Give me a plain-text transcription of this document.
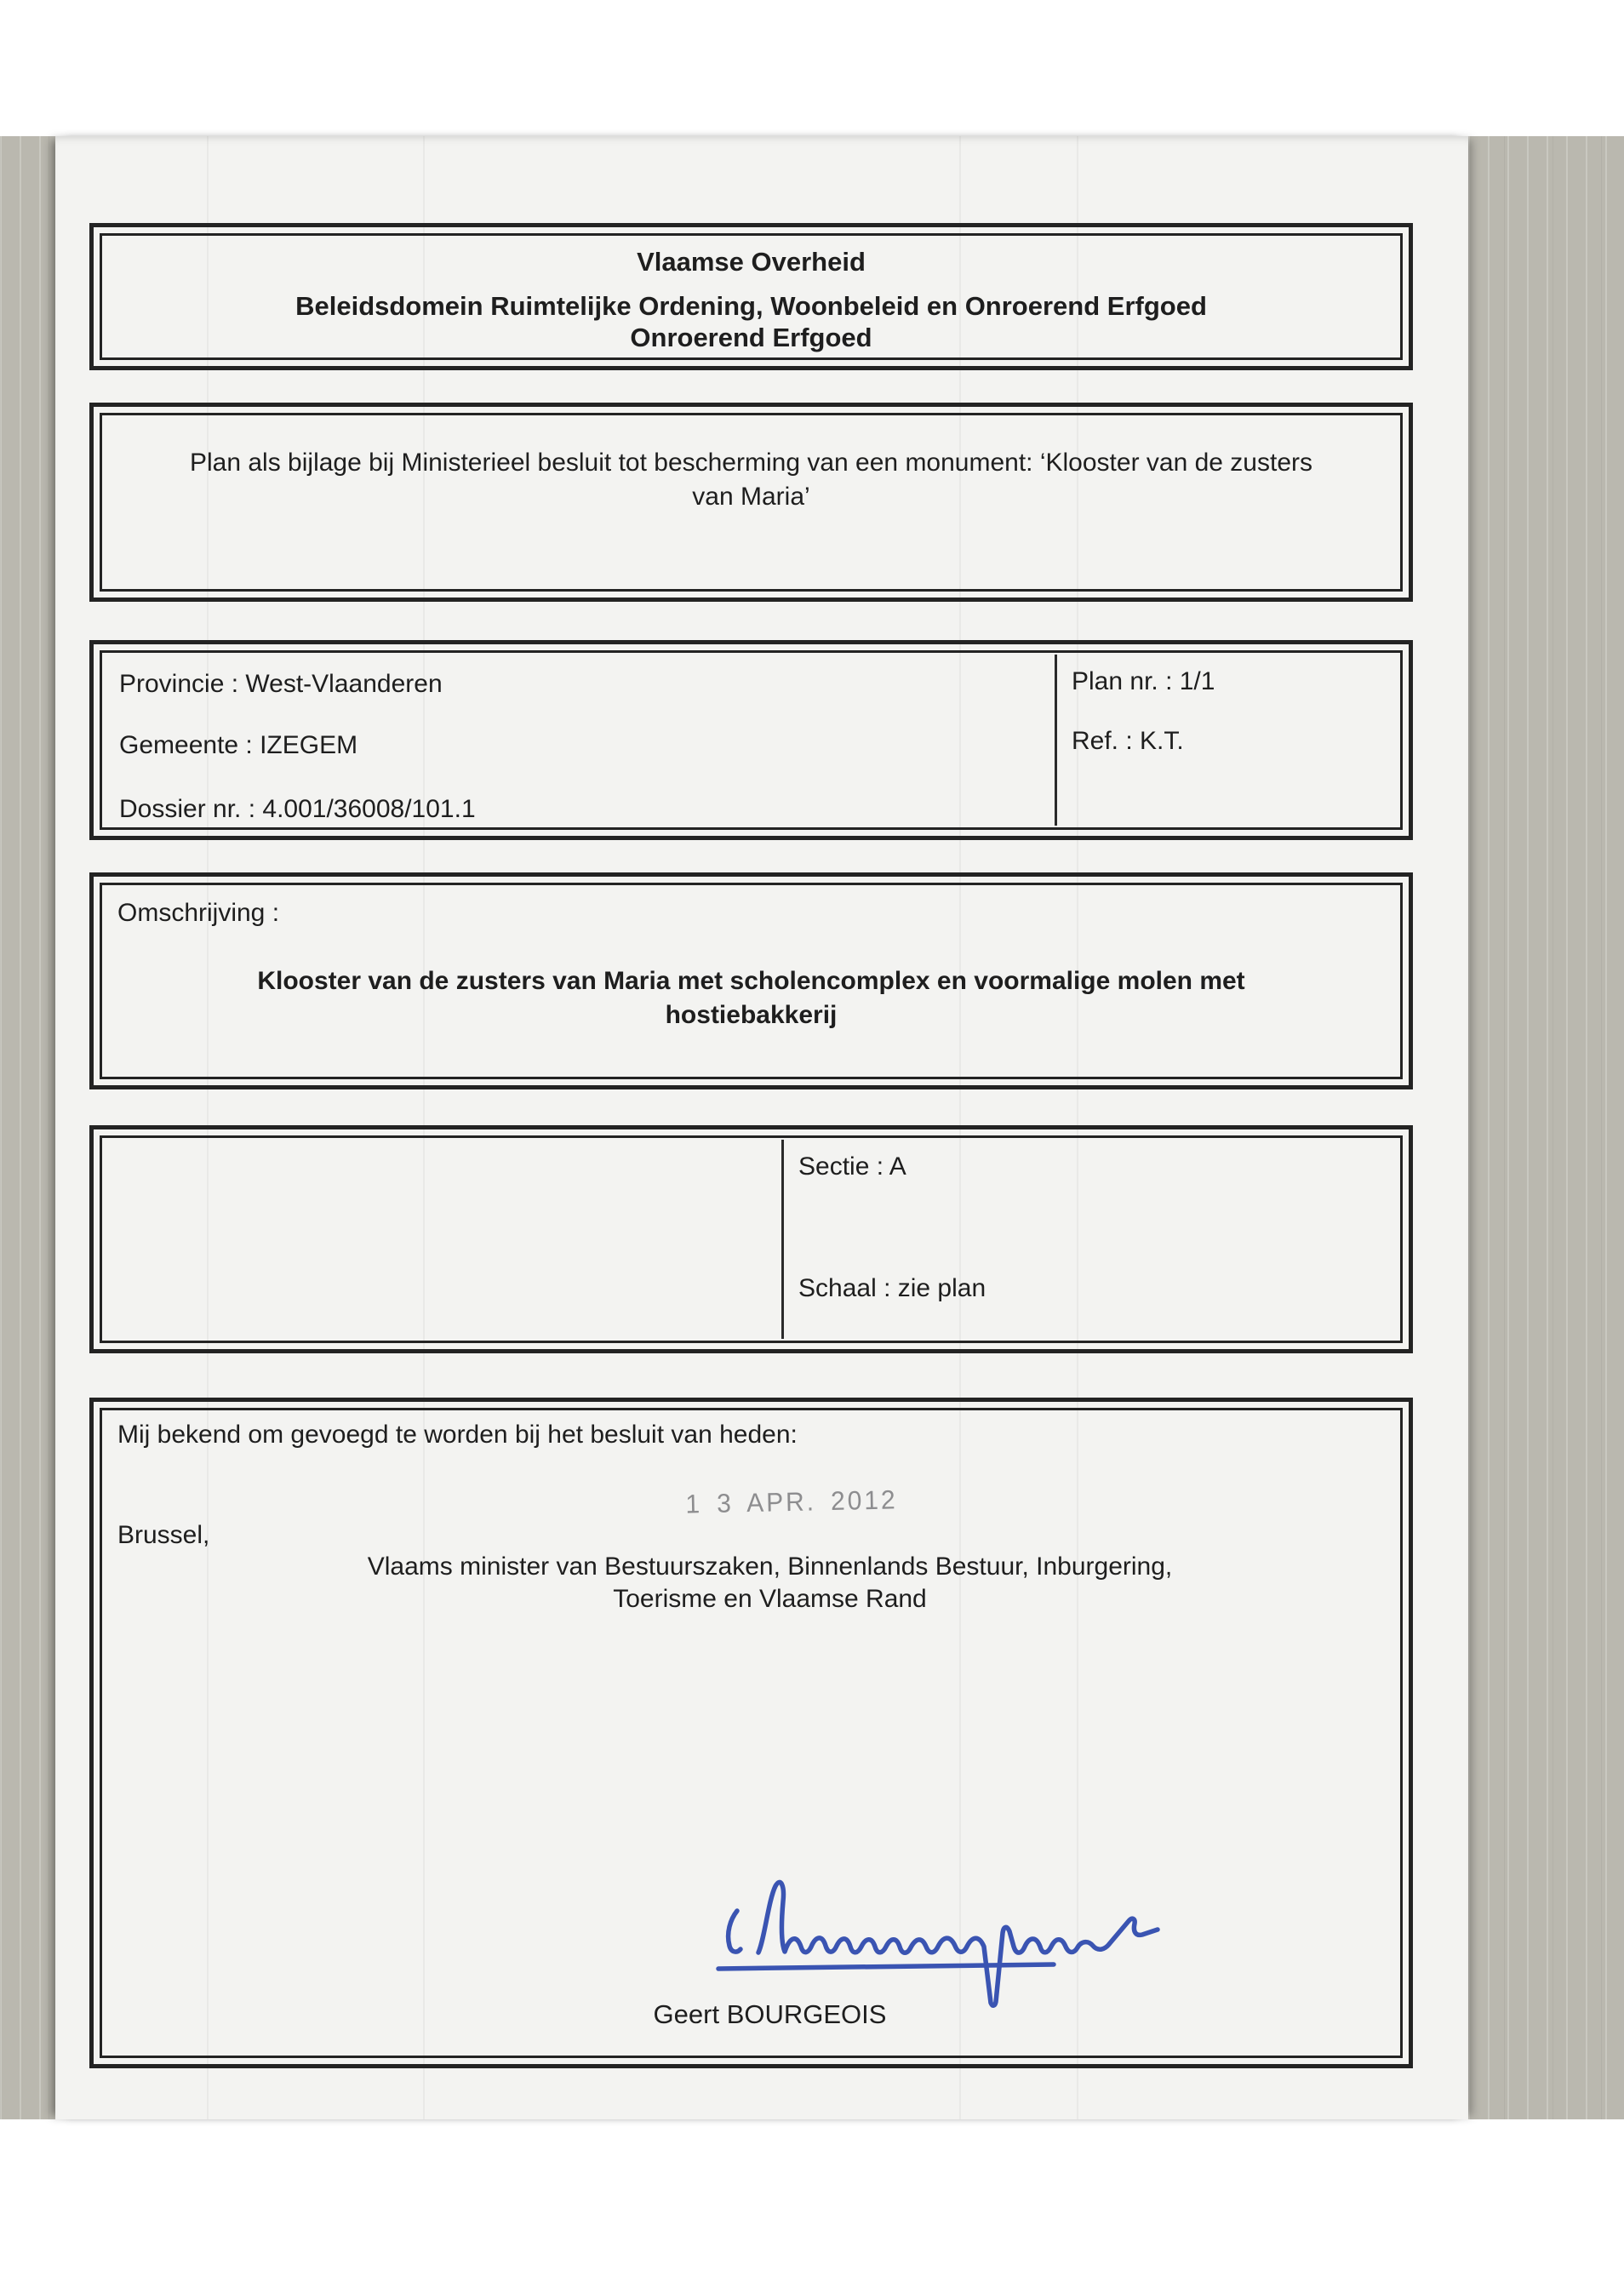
Vlaamse Overheid
Beleidsdomein Ruimtelijke Ordening, Woonbeleid en Onroerend Erfgoed
Onroerend Erfgoed
Plan als bijlage bij Ministerieel besluit tot bescherming van een monument: ‘Klooster van de zusters
van Maria’
Provincie : West-Vlaanderen
Gemeente : IZEGEM
Dossier nr. : 4.001/36008/101.1
Plan nr. : 1/1
Ref. : K.T.
Omschrijving :
Klooster van de zusters van Maria met scholencomplex en voormalige molen met
hostiebakkerij
Sectie : A
Schaal : zie plan
Mij bekend om gevoegd te worden bij het besluit van heden:
1 3 APR. 2012
Brussel,
Vlaams minister van Bestuurszaken, Binnenlands Bestuur, Inburgering,
Toerisme en Vlaamse Rand
Geert BOURGEOIS
